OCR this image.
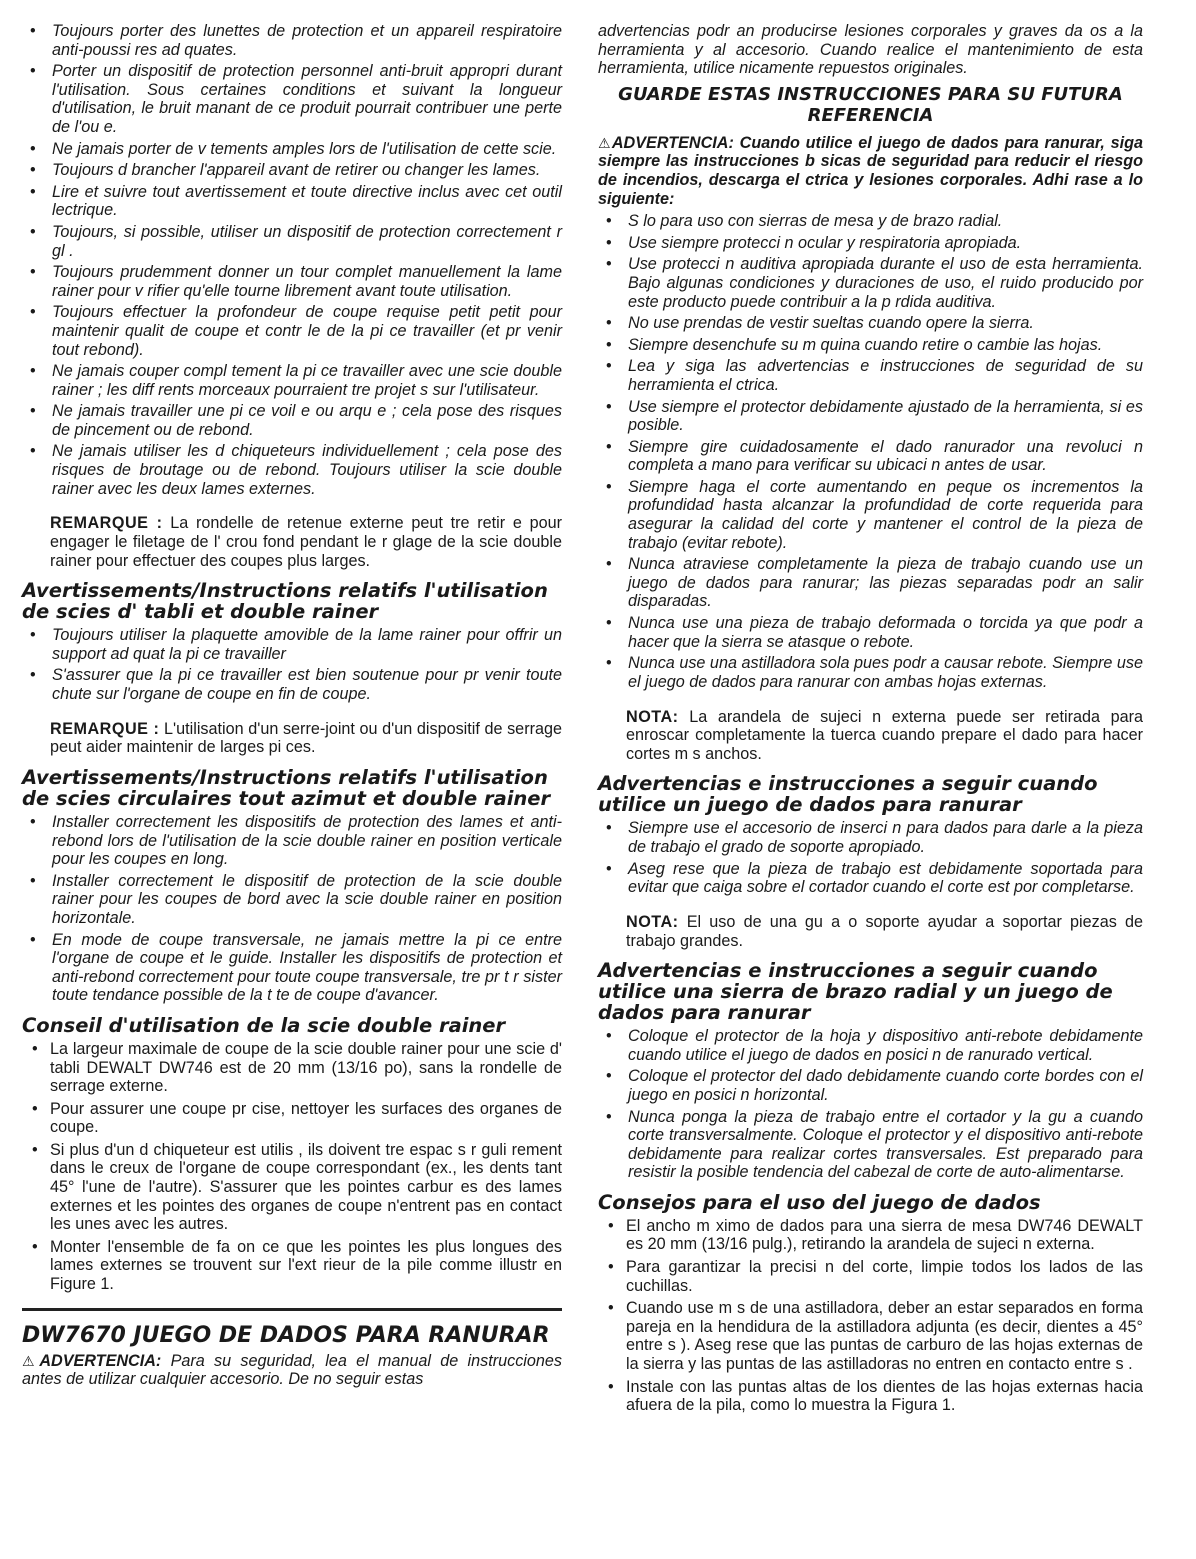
• Toujours porter des lunettes de protection et un appareil respiratoire anti-poussi res ad quates.
• Porter un dispositif de protection personnel anti-bruit appropri durant l'utilisation. Sous certaines conditions et suivant la longueur d'utilisation, le bruit manant de ce produit pourrait contribuer une perte de l'ou e.
• Ne jamais porter de v tements amples lors de l'utilisation de cette scie.
• Toujours d brancher l'appareil avant de retirer ou changer les lames.
• Lire et suivre tout avertissement et toute directive inclus avec cet outil lectrique.
• Toujours, si possible, utiliser un dispositif de protection correctement r gl .
• Toujours prudemment donner un tour complet manuellement la lame rainer pour v rifier qu'elle tourne librement avant toute utilisation.
• Toujours effectuer la profondeur de coupe requise petit petit pour maintenir qualit de coupe et contr le de la pi ce travailler (et pr venir tout rebond).
• Ne jamais couper compl tement la pi ce travailler avec une scie double rainer ; les diff rents morceaux pourraient tre projet s sur l'utilisateur.
• Ne jamais travailler une pi ce voil e ou arqu e ; cela pose des risques de pincement ou de rebond.
• Ne jamais utiliser les d chiqueteurs individuellement ; cela pose des risques de broutage ou de rebond. Toujours utiliser la scie double rainer avec les deux lames externes.

REMARQUE : La rondelle de retenue externe peut tre retir e pour engager le filetage de l' crou fond pendant le r glage de la scie double rainer pour effectuer des coupes plus larges.

Avertissements/Instructions relatifs l'utilisation de scies d' tabli et double rainer
• Toujours utiliser la plaquette amovible de la lame rainer pour offrir un support ad quat la pi ce travailler
• S'assurer que la pi ce travailler est bien soutenue pour pr venir toute chute sur l'organe de coupe en fin de coupe.

REMARQUE : L'utilisation d'un serre-joint ou d'un dispositif de serrage peut aider maintenir de larges pi ces.

Avertissements/Instructions relatifs l'utilisation de scies circulaires tout azimut et double rainer
• Installer correctement les dispositifs de protection des lames et anti-rebond lors de l'utilisation de la scie double rainer en position verticale pour les coupes en long.
• Installer correctement le dispositif de protection de la scie double rainer pour les coupes de bord avec la scie double rainer en position horizontale.
• En mode de coupe transversale, ne jamais mettre la pi ce entre l'organe de coupe et le guide. Installer les dispositifs de protection et anti-rebond correctement pour toute coupe transversale, tre pr t r sister toute tendance possible de la t te de coupe d'avancer.
Conseil d'utilisation de la scie double rainer
• La largeur maximale de coupe de la scie double rainer pour une scie d' tabli DEWALT DW746 est de 20 mm (13/16 po), sans la rondelle de serrage externe.
• Pour assurer une coupe pr cise, nettoyer les surfaces des organes de coupe.
• Si plus d'un d chiqueteur est utilis , ils doivent tre espac s r guli rement dans le creux de l'organe de coupe correspondant (ex., les dents tant 45° l'une de l'autre). S'assurer que les pointes carbur es des lames externes et les pointes des organes de coupe n'entrent pas en contact les unes avec les autres.
• Monter l'ensemble de fa on ce que les pointes les plus longues des lames externes se trouvent sur l'ext rieur de la pile comme illustr en Figure 1.
DW7670 JUEGO DE DADOS PARA RANURAR

⚠ADVERTENCIA: Para su seguridad, lea el manual de instrucciones antes de utilizar cualquier accesorio. De no seguir estas

advertencias podr an producirse lesiones corporales y graves da os a la herramienta y al accesorio. Cuando realice el mantenimiento de esta herramienta, utilice nicamente repuestos originales.

GUARDE ESTAS INSTRUCCIONES PARA SU FUTURA REFERENCIA

⚠ADVERTENCIA: Cuando utilice el juego de dados para ranurar, siga siempre las instrucciones b sicas de seguridad para reducir el riesgo de incendios, descarga el ctrica y lesiones corporales. Adhi rase a lo siguiente:

• S lo para uso con sierras de mesa y de brazo radial.
• Use siempre protecci n ocular y respiratoria apropiada.
• Use protecci n auditiva apropiada durante el uso de esta herramienta. Bajo algunas condiciones y duraciones de uso, el ruido producido por este producto puede contribuir a la p rdida auditiva.
• No use prendas de vestir sueltas cuando opere la sierra.
• Siempre desenchufe su m quina cuando retire o cambie las hojas.
• Lea y siga las advertencias e instrucciones de seguridad de su herramienta el ctrica.
• Use siempre el protector debidamente ajustado de la herramienta, si es posible.
• Siempre gire cuidadosamente el dado ranurador una revoluci n completa a mano para verificar su ubicaci n antes de usar.
• Siempre haga el corte aumentando en peque os incrementos la profundidad hasta alcanzar la profundidad de corte requerida para asegurar la calidad del corte y mantener el control de la pieza de trabajo (evitar rebote).
• Nunca atraviese completamente la pieza de trabajo cuando use un juego de dados para ranurar; las piezas separadas podr an salir disparadas.
• Nunca use una pieza de trabajo deformada o torcida ya que podr a hacer que la sierra se atasque o rebote.
• Nunca use una astilladora sola pues podr a causar rebote. Siempre use el juego de dados para ranurar con ambas hojas externas.

NOTA: La arandela de sujeci n externa puede ser retirada para enroscar completamente la tuerca cuando prepare el dado para hacer cortes m s anchos.

Advertencias e instrucciones a seguir cuando utilice un juego de dados para ranurar
• Siempre use el accesorio de inserci n para dados para darle a la pieza de trabajo el grado de soporte apropiado.
• Aseg rese que la pieza de trabajo est debidamente soportada para evitar que caiga sobre el cortador cuando el corte est por completarse.

NOTA: El uso de una gu a o soporte ayudar a soportar piezas de trabajo grandes.

Advertencias e instrucciones a seguir cuando utilice una sierra de brazo radial y un juego de dados para ranurar
• Coloque el protector de la hoja y dispositivo anti-rebote debidamente cuando utilice el juego de dados en posici n de ranurado vertical.
• Coloque el protector del dado debidamente cuando corte bordes con el juego en posici n horizontal.
• Nunca ponga la pieza de trabajo entre el cortador y la gu a cuando corte transversalmente. Coloque el protector y el dispositivo anti-rebote debidamente para realizar cortes transversales. Est preparado para resistir la posible tendencia del cabezal de corte de auto-alimentarse.
Consejos para el uso del juego de dados
• El ancho m ximo de dados para una sierra de mesa DW746 DEWALT es 20 mm (13/16 pulg.), retirando la arandela de sujeci n externa.
• Para garantizar la precisi n del corte, limpie todos los lados de las cuchillas.
• Cuando use m s de una astilladora, deber an estar separados en forma pareja en la hendidura de la astilladora adjunta (es decir, dientes a 45° entre s ). Aseg rese que las puntas de carburo de las hojas externas de la sierra y las puntas de las astilladoras no entren en contacto entre s .
• Instale con las puntas altas de los dientes de las hojas externas hacia afuera de la pila, como lo muestra la Figura 1.
